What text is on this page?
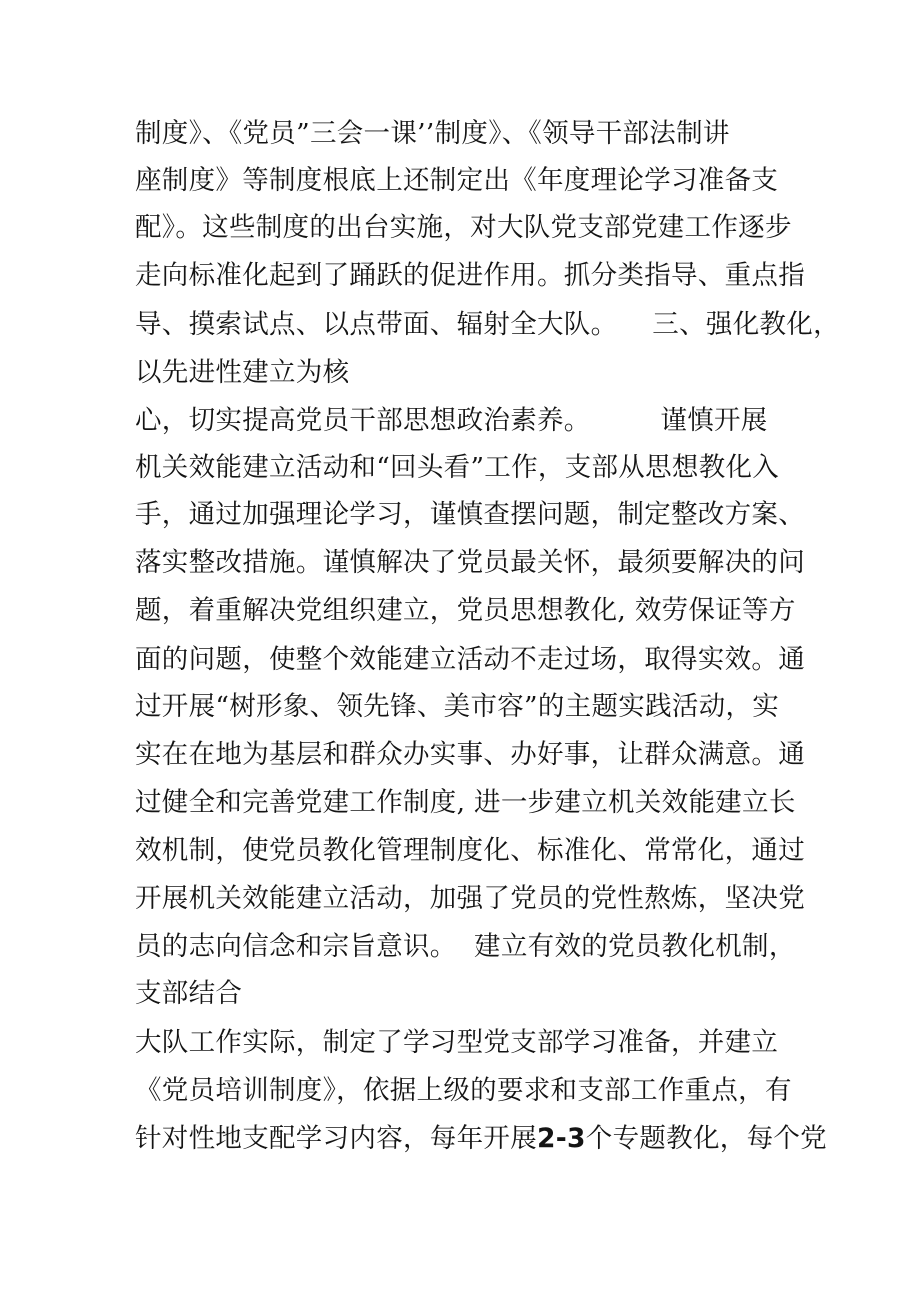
制度》、《党员”三会一课’’制度》、《领导干部法制讲

座制度》等制度根底上还制定出《年度理论学习准备支

配》。这些制度的出台实施，对大队党支部党建工作逐步

走向标准化起到了踊跃的促进作用。抓分类指导、重点指

导、摸索试点、以点带面、辐射全大队。    三、强化教化，

以先进性建立为核

心，切实提高党员干部思想政治素养。        谨慎开展

机关效能建立活动和“回头看”工作，支部从思想教化入

手，通过加强理论学习，谨慎查摆问题，制定整改方案、

落实整改措施。谨慎解决了党员最关怀，最须要解决的问

题，着重解决党组织建立，党员思想教化, 效劳保证等方

面的问题，使整个效能建立活动不走过场，取得实效。通

过开展“树形象、领先锋、美市容”的主题实践活动，实

实在在地为基层和群众办实事、办好事，让群众满意。通

过健全和完善党建工作制度, 进一步建立机关效能建立长

效机制，使党员教化管理制度化、标准化、常常化，通过

开展机关效能建立活动，加强了党员的党性熬炼，坚决党

员的志向信念和宗旨意识。  建立有效的党员教化机制，

支部结合

大队工作实际，制定了学习型党支部学习准备，并建立

《党员培训制度》，依据上级的要求和支部工作重点，有

针对性地支配学习内容，每年开展2-3个专题教化，每个党
